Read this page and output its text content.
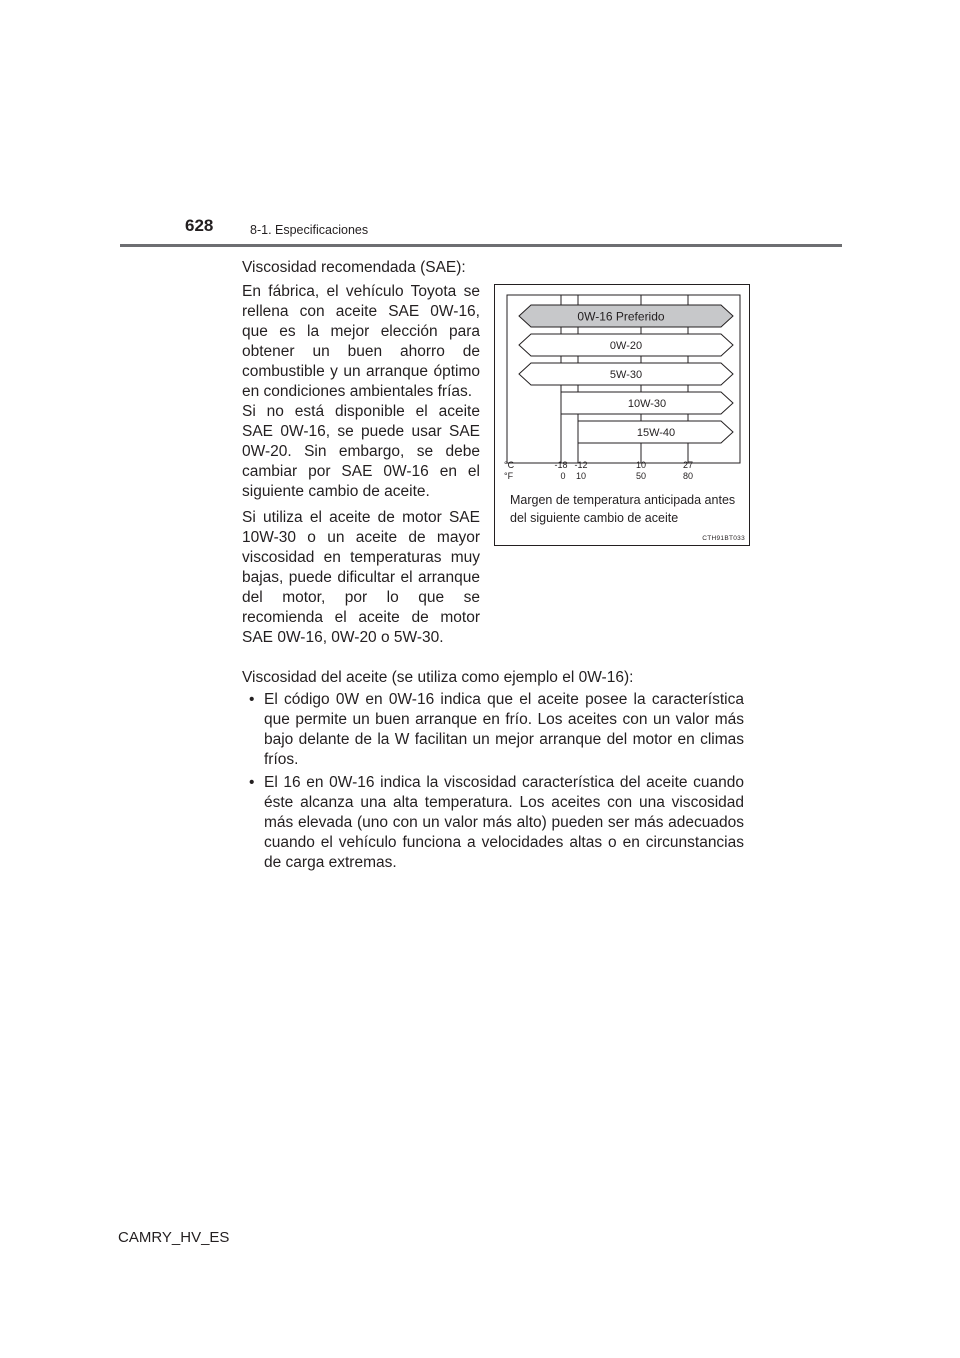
628	8-1. Especificaciones
Viscosidad recomendada (SAE):

En fábrica, el vehículo Toyota se rellena con aceite SAE 0W-16, que es la mejor elección para obtener un buen ahorro de combustible y un arranque óptimo en condiciones ambientales frías.

Si no está disponible el aceite SAE 0W-16, se puede usar SAE 0W-20. Sin embargo, se debe cambiar por SAE 0W-16 en el siguiente cambio de aceite.

Si utiliza el aceite de motor SAE 10W-30 o un aceite de mayor viscosidad en temperaturas muy bajas, puede dificultar el arranque del motor, por lo que se recomienda el aceite de motor SAE 0W-16, 0W-20 o 5W-30.

0W-16 Preferido
0W-20
5W-30
10W-30
15W-40
°C
°F
-18 -12	10	27
0 10	50	80
Margen de temperatura anticipada antes del siguiente cambio de aceite
CTH91BT033

Viscosidad del aceite (se utiliza como ejemplo el 0W-16):

• El código 0W en 0W-16 indica que el aceite posee la característica que permite un buen arranque en frío. Los aceites con un valor más bajo delante de la W facilitan un mejor arranque del motor en climas fríos.
• El 16 en 0W-16 indica la viscosidad característica del aceite cuando éste alcanza una alta temperatura. Los aceites con una viscosidad más elevada (uno con un valor más alto) pueden ser más adecuados cuando el vehículo funciona a velocidades altas o en circunstancias de carga extremas.
CAMRY_HV_ES
